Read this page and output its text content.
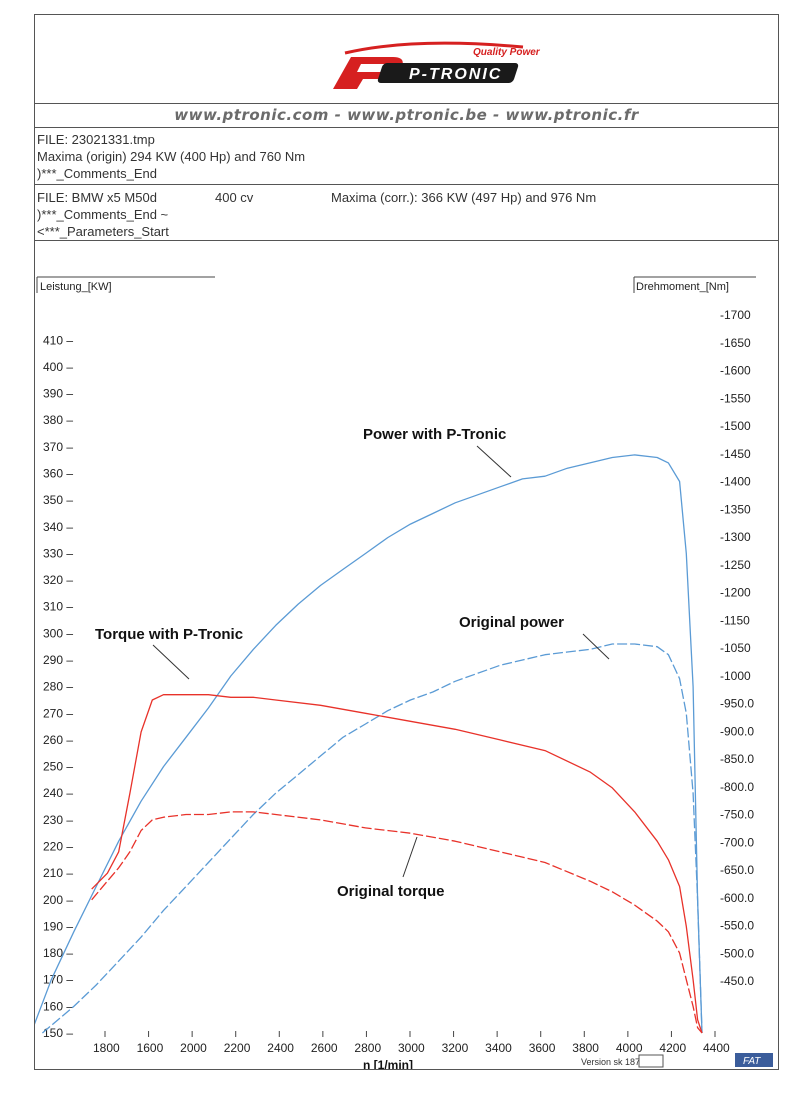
Quality Power
P-TRONIC
www.ptronic.com - www.ptronic.be - www.ptronic.fr
FILE: 23021331.tmp
Maxima (origin) 294 KW (400 Hp) and 760 Nm
)***_Comments_End
FILE: BMW x5 M50d	400 cv	Maxima (corr.): 366 KW (497 Hp) and 976 Nm
)***_Comments_End ~
<***_Parameters_Start
Leistung_[KW]	Drehmoment_[Nm]
410 –
400 –
390 –
380 –
370 –
360 –
350 –
340 –
330 –
320 –
310 –
300 –
290 –
280 –
270 –
260 –
250 –
240 –
230 –
220 –
210 –
200 –
190 –
180 –
170 –
160 –
150 –
-1700
-1650
-1600
-1550
-1500
-1450
-1400
-1350
-1300
-1250
-1200
-1150
-1050
-1000
-950.0
-900.0
-850.0
-800.0
-750.0
-700.0
-650.0
-600.0
-550.0
-500.0
-450.0
1800 1600 2000 2200 2400 2600 2800 3000 3200 3400 3600 3800 4000 4200 4400
Power with P-Tronic
Original power
Torque with P-Tronic
Original torque
n [1/min]	Version sk 187	FAT
